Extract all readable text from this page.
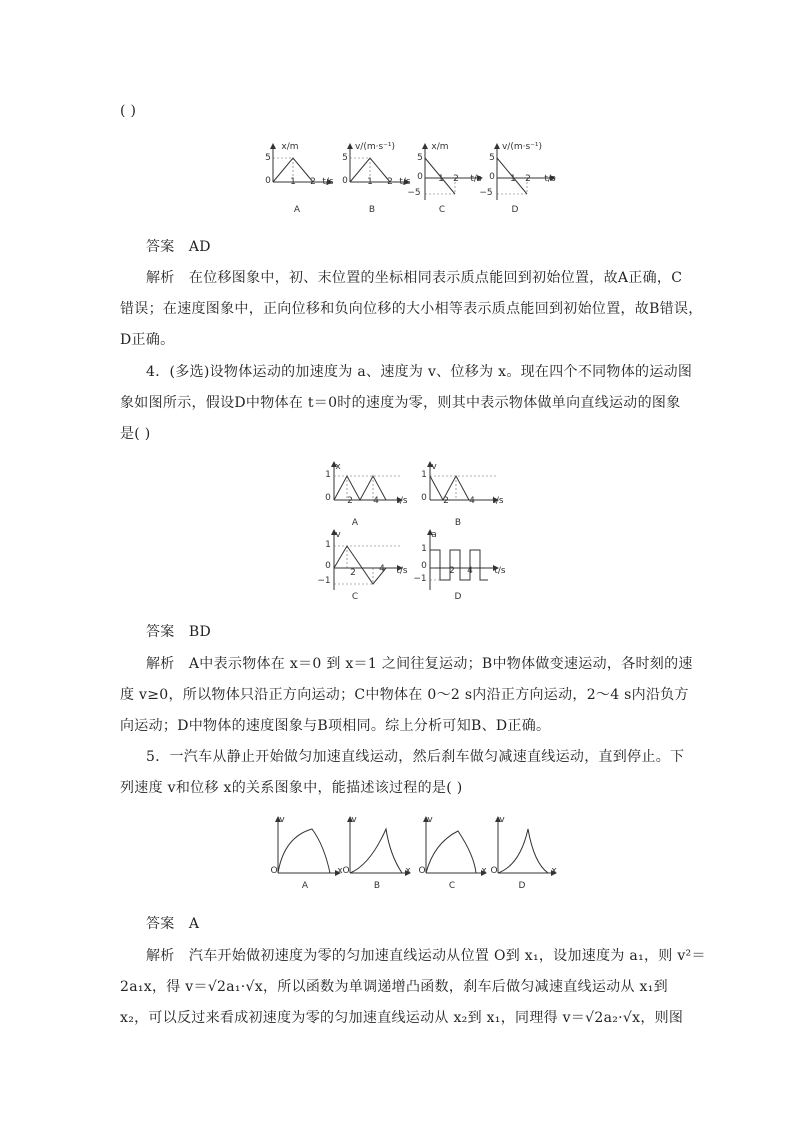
( )
x/m
5
0	1	2 t/s
A
v/(m·s⁻¹)
5
0	1	2 t/s
B
x/m
5
0
−5
1	2	t/s
C
v/(m·s⁻¹)
5
0
−5
1	2	t/s
D
答案　AD
解析　在位移图象中，初、末位置的坐标相同表示质点能回到初始位置，故A正确，C
错误；在速度图象中，正向位移和负向位移的大小相等表示质点能回到初始位置，故B错误，
D正确。
4．(多选)设物体运动的加速度为 a、速度为 v、位移为 x。现在四个不同物体的运动图
象如图所示，假设D中物体在 t＝0时的速度为零，则其中表示物体做单向直线运动的图象
是( )
x
1
0	2	4	t/s
A
v
1
0	2	4	t/s
B
v
1
0
−1
2	4	t/s
C
a
1
0
−1
2	4	t/s
D
答案　BD
解析　A中表示物体在 x＝0 到 x＝1 之间往复运动；B中物体做变速运动，各时刻的速
度 v≥0，所以物体只沿正方向运动；C中物体在 0～2 s内沿正方向运动，2～4 s内沿负方
向运动；D中物体的速度图象与B项相同。综上分析可知B、D正确。
5．一汽车从静止开始做匀加速直线运动，然后刹车做匀减速直线运动，直到停止。下
列速度 v和位移 x的关系图象中，能描述该过程的是( )
v
O	x
A
v
O	x
B
v
O	x
C
v
O	x
D
答案　A
解析　汽车开始做初速度为零的匀加速直线运动从位置 O到 x₁，设加速度为 a₁，则 v²＝
2a₁x，得 v＝√2a₁·√x，所以函数为单调递增凸函数，刹车后做匀减速直线运动从 x₁到
x₂，可以反过来看成初速度为零的匀加速直线运动从 x₂到 x₁，同理得 v＝√2a₂·√x，则图
